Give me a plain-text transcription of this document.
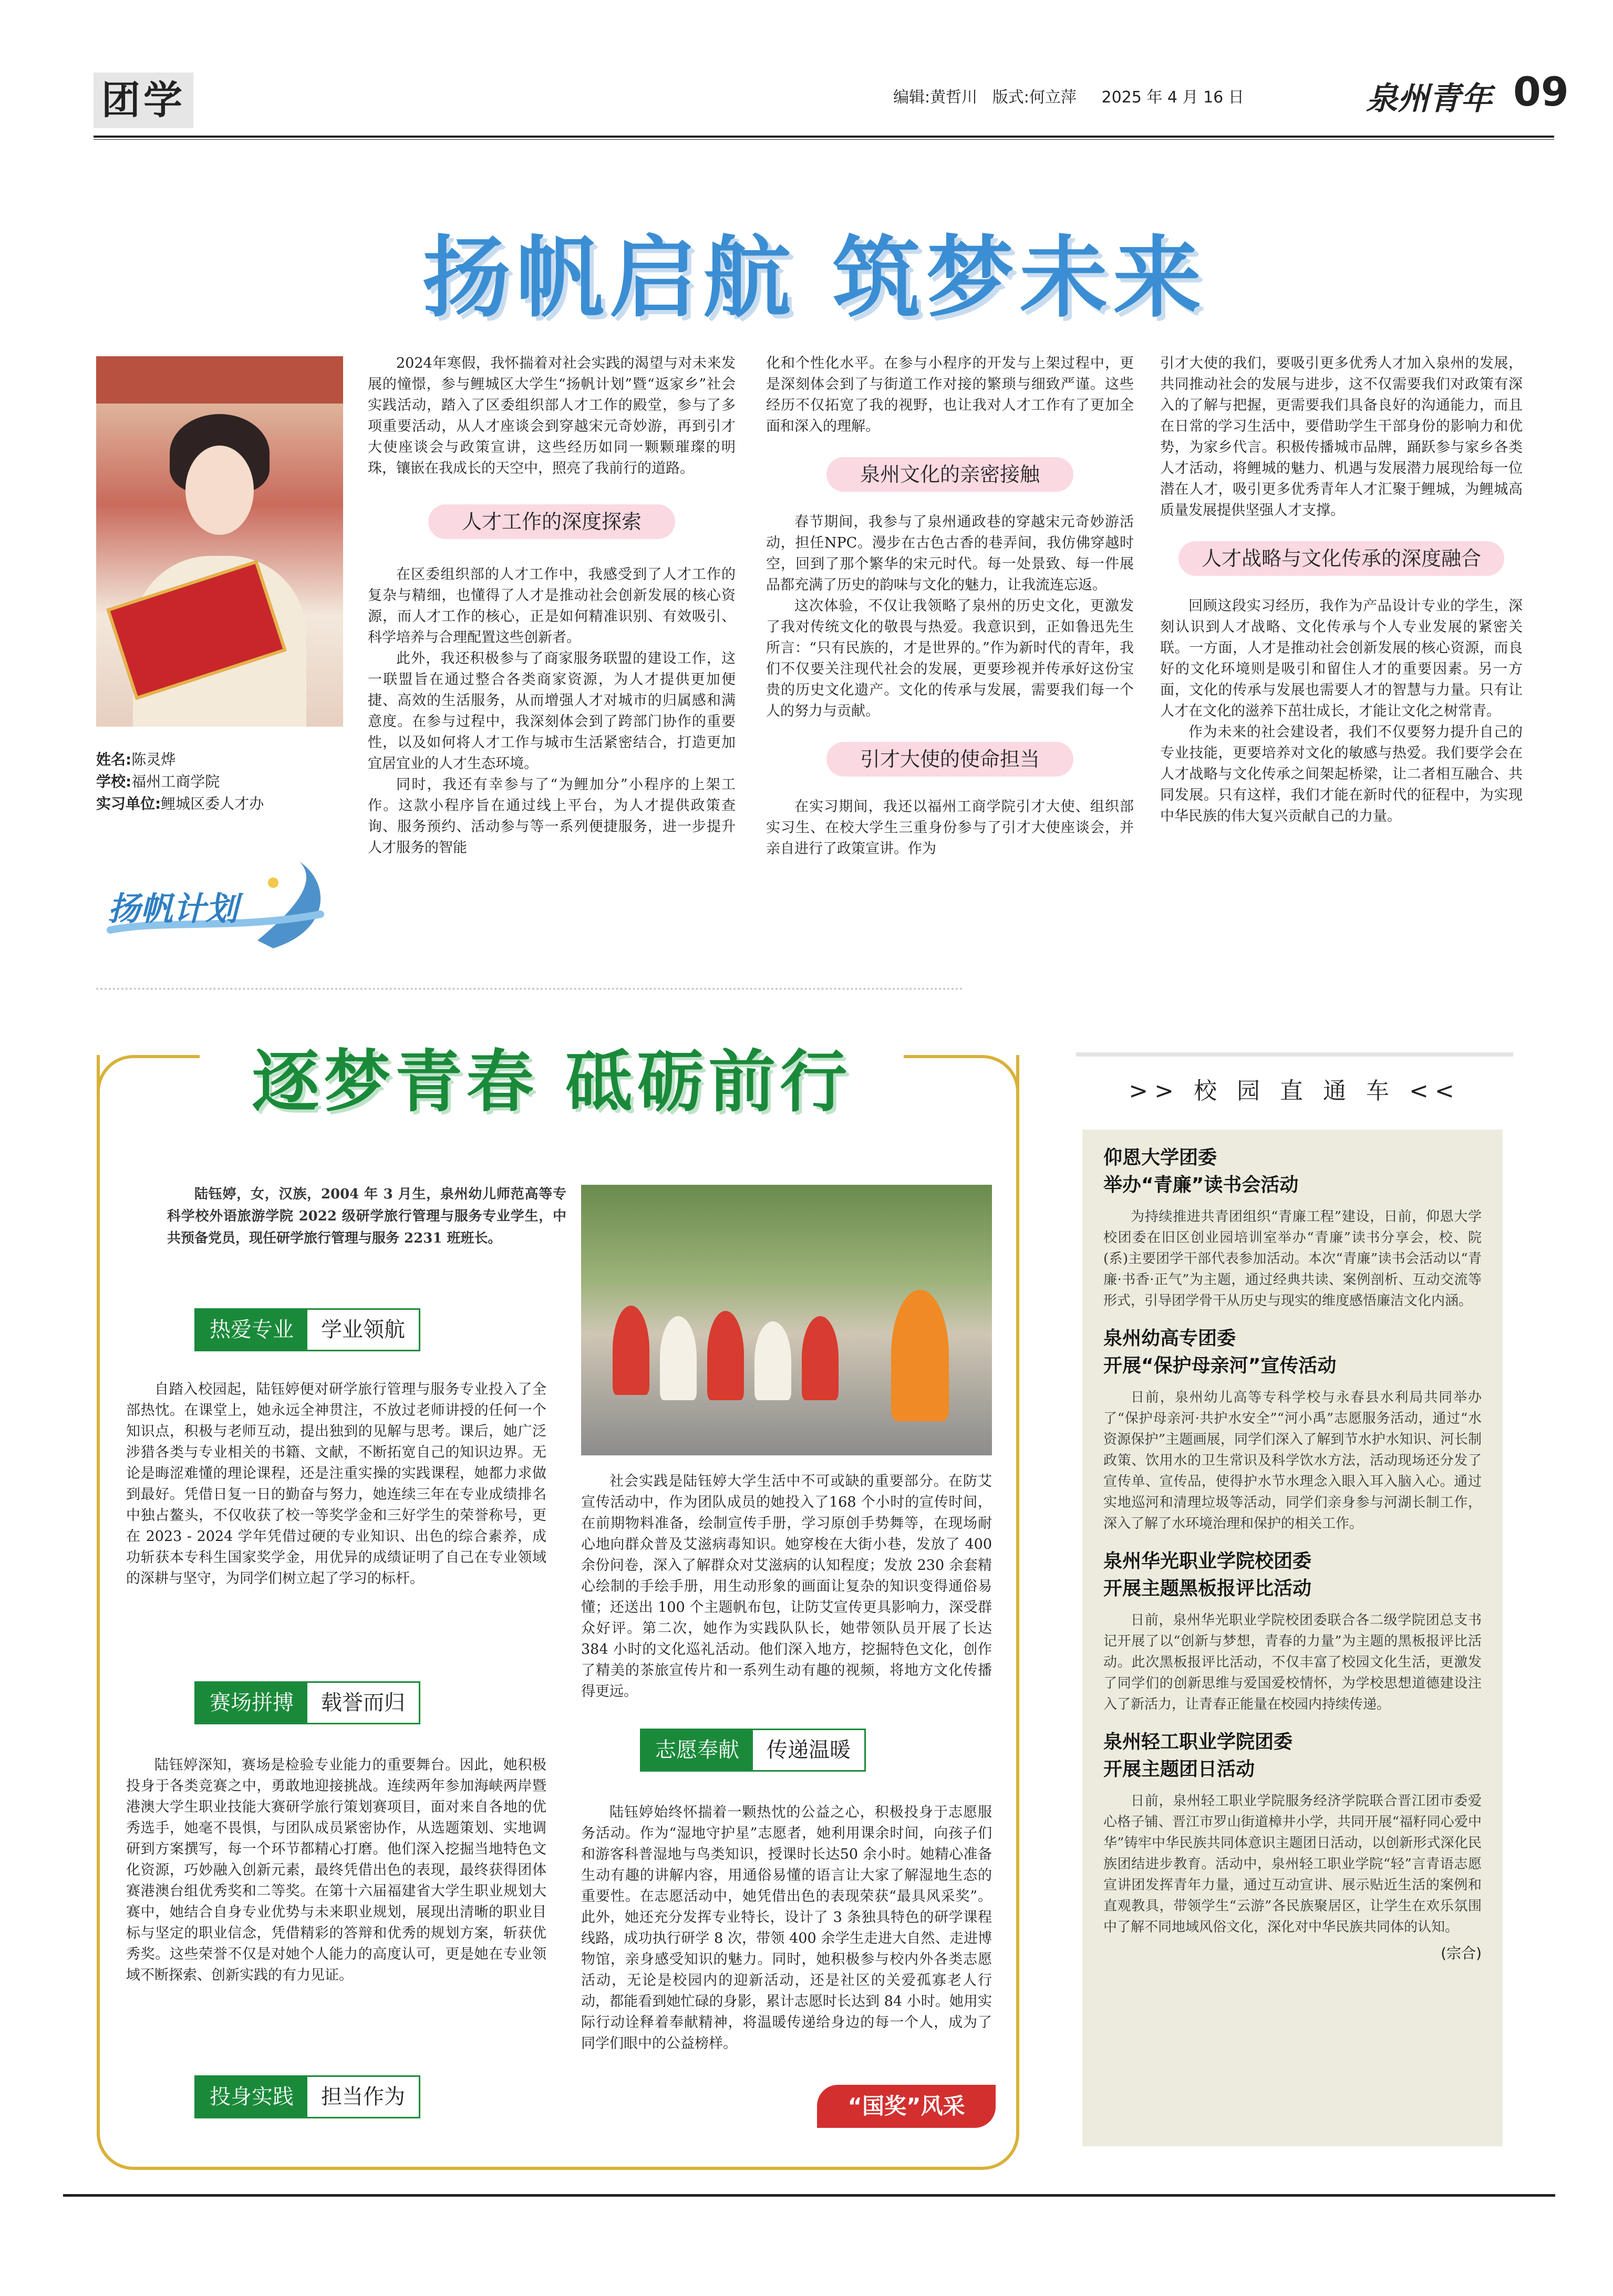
团学	编辑:黄哲川 版式:何立萍 2025 年 4 月 16 日	泉州青年 09
扬帆启航 筑梦未来
姓名:陈灵烨
学校:福州工商学院
实习单位:鲤城区委人才办
扬帆计划

2024年寒假，我怀揣着对社会实践的渴望与对未来发展的憧憬，参与鲤城区大学生“扬帆计划”暨“返家乡”社会实践活动，踏入了区委组织部人才工作的殿堂，参与了多项重要活动，从人才座谈会到穿越宋元奇妙游，再到引才大使座谈会与政策宣讲，这些经历如同一颗颗璀璨的明珠，镶嵌在我成长的天空中，照亮了我前行的道路。

人才工作的深度探索

在区委组织部的人才工作中，我感受到了人才工作的复杂与精细，也懂得了人才是推动社会创新发展的核心资源，而人才工作的核心，正是如何精准识别、有效吸引、科学培养与合理配置这些创新者。

此外，我还积极参与了商家服务联盟的建设工作，这一联盟旨在通过整合各类商家资源，为人才提供更加便捷、高效的生活服务，从而增强人才对城市的归属感和满意度。在参与过程中，我深刻体会到了跨部门协作的重要性，以及如何将人才工作与城市生活紧密结合，打造更加宜居宜业的人才生态环境。

同时，我还有幸参与了“为鲤加分”小程序的上架工作。这款小程序旨在通过线上平台，为人才提供政策查询、服务预约、活动参与等一系列便捷服务，进一步提升人才服务的智能

化和个性化水平。在参与小程序的开发与上架过程中，更是深刻体会到了与街道工作对接的繁琐与细致严谨。这些经历不仅拓宽了我的视野，也让我对人才工作有了更加全面和深入的理解。

泉州文化的亲密接触

春节期间，我参与了泉州通政巷的穿越宋元奇妙游活动，担任NPC。漫步在古色古香的巷弄间，我仿佛穿越时空，回到了那个繁华的宋元时代。每一处景致、每一件展品都充满了历史的韵味与文化的魅力，让我流连忘返。

这次体验，不仅让我领略了泉州的历史文化，更激发了我对传统文化的敬畏与热爱。我意识到，正如鲁迅先生所言：“只有民族的，才是世界的。”作为新时代的青年，我们不仅要关注现代社会的发展，更要珍视并传承好这份宝贵的历史文化遗产。文化的传承与发展，需要我们每一个人的努力与贡献。

引才大使的使命担当

在实习期间，我还以福州工商学院引才大使、组织部实习生、在校大学生三重身份参与了引才大使座谈会，并亲自进行了政策宣讲。作为

引才大使的我们，要吸引更多优秀人才加入泉州的发展，共同推动社会的发展与进步，这不仅需要我们对政策有深入的了解与把握，更需要我们具备良好的沟通能力，而且在日常的学习生活中，要借助学生干部身份的影响力和优势，为家乡代言。积极传播城市品牌，踊跃参与家乡各类人才活动，将鲤城的魅力、机遇与发展潜力展现给每一位潜在人才，吸引更多优秀青年人才汇聚于鲤城，为鲤城高质量发展提供坚强人才支撑。

人才战略与文化传承的深度融合

回顾这段实习经历，我作为产品设计专业的学生，深刻认识到人才战略、文化传承与个人专业发展的紧密关联。一方面，人才是推动社会创新发展的核心资源，而良好的文化环境则是吸引和留住人才的重要因素。另一方面，文化的传承与发展也需要人才的智慧与力量。只有让人才在文化的滋养下茁壮成长，才能让文化之树常青。

作为未来的社会建设者，我们不仅要努力提升自己的专业技能，更要培养对文化的敏感与热爱。我们要学会在人才战略与文化传承之间架起桥梁，让二者相互融合、共同发展。只有这样，我们才能在新时代的征程中，为实现中华民族的伟大复兴贡献自己的力量。

逐梦青春 砥砺前行
陆钰婷，女，汉族，2004 年 3 月生，泉州幼儿师范高等专科学校外语旅游学院 2022 级研学旅行管理与服务专业学生，中共预备党员，现任研学旅行管理与服务 2231 班班长。
热爱专业	学业领航

自踏入校园起，陆钰婷便对研学旅行管理与服务专业投入了全部热忱。在课堂上，她永远全神贯注，不放过老师讲授的任何一个知识点，积极与老师互动，提出独到的见解与思考。课后，她广泛涉猎各类与专业相关的书籍、文献，不断拓宽自己的知识边界。无论是晦涩难懂的理论课程，还是注重实操的实践课程，她都力求做到最好。凭借日复一日的勤奋与努力，她连续三年在专业成绩排名中独占鳌头，不仅收获了校一等奖学金和三好学生的荣誉称号，更在 2023 - 2024 学年凭借过硬的专业知识、出色的综合素养，成功斩获本专科生国家奖学金，用优异的成绩证明了自己在专业领域的深耕与坚守，为同学们树立起了学习的标杆。

赛场拼搏	载誉而归

陆钰婷深知，赛场是检验专业能力的重要舞台。因此，她积极投身于各类竞赛之中，勇敢地迎接挑战。连续两年参加海峡两岸暨港澳大学生职业技能大赛研学旅行策划赛项目，面对来自各地的优秀选手，她毫不畏惧，与团队成员紧密协作，从选题策划、实地调研到方案撰写，每一个环节都精心打磨。他们深入挖掘当地特色文化资源，巧妙融入创新元素，最终凭借出色的表现，最终获得团体赛港澳台组优秀奖和二等奖。在第十六届福建省大学生职业规划大赛中，她结合自身专业优势与未来职业规划，展现出清晰的职业目标与坚定的职业信念，凭借精彩的答辩和优秀的规划方案，斩获优秀奖。这些荣誉不仅是对她个人能力的高度认可，更是她在专业领域不断探索、创新实践的有力见证。

投身实践	担当作为

社会实践是陆钰婷大学生活中不可或缺的重要部分。在防艾宣传活动中，作为团队成员的她投入了168 个小时的宣传时间，在前期物料准备，绘制宣传手册，学习原创手势舞等，在现场耐心地向群众普及艾滋病毒知识。她穿梭在大街小巷，发放了 400 余份问卷，深入了解群众对艾滋病的认知程度；发放 230 余套精心绘制的手绘手册，用生动形象的画面让复杂的知识变得通俗易懂；还送出 100 个主题帆布包，让防艾宣传更具影响力，深受群众好评。第二次，她作为实践队队长，她带领队员开展了长达 384 小时的文化巡礼活动。他们深入地方，挖掘特色文化，创作了精美的茶旅宣传片和一系列生动有趣的视频，将地方文化传播得更远。

志愿奉献	传递温暖

陆钰婷始终怀揣着一颗热忱的公益之心，积极投身于志愿服务活动。作为“湿地守护星”志愿者，她利用课余时间，向孩子们和游客科普湿地与鸟类知识，授课时长达50 余小时。她精心准备生动有趣的讲解内容，用通俗易懂的语言让大家了解湿地生态的重要性。在志愿活动中，她凭借出色的表现荣获“最具风采奖”。此外，她还充分发挥专业特长，设计了 3 条独具特色的研学课程线路，成功执行研学 8 次，带领 400 余学生走进大自然、走进博物馆，亲身感受知识的魅力。同时，她积极参与校内外各类志愿活动，无论是校园内的迎新活动，还是社区的关爱孤寡老人行动，都能看到她忙碌的身影，累计志愿时长达到 84 小时。她用实际行动诠释着奉献精神，将温暖传递给身边的每一个人，成为了同学们眼中的公益榜样。

“国奖”风采
>> 校 园 直 通 车 <<

仰恩大学团委

举办“青廉”读书会活动

为持续推进共青团组织“青廉工程”建设，日前，仰恩大学校团委在旧区创业园培训室举办“青廉”读书分享会，校、院(系)主要团学干部代表参加活动。本次“青廉”读书会活动以“青廉·书香·正气”为主题，通过经典共读、案例剖析、互动交流等形式，引导团学骨干从历史与现实的维度感悟廉洁文化内涵。

泉州幼高专团委

开展“保护母亲河”宣传活动

日前，泉州幼儿高等专科学校与永春县水利局共同举办了“保护母亲河·共护水安全”“河小禹”志愿服务活动，通过“水资源保护”主题画展，同学们深入了解到节水护水知识、河长制政策、饮用水的卫生常识及科学饮水方法，活动现场还分发了宣传单、宣传品，使得护水节水理念入眼入耳入脑入心。通过实地巡河和清理垃圾等活动，同学们亲身参与河湖长制工作，深入了解了水环境治理和保护的相关工作。

泉州华光职业学院校团委

开展主题黑板报评比活动

日前，泉州华光职业学院校团委联合各二级学院团总支书记开展了以“创新与梦想，青春的力量”为主题的黑板报评比活动。此次黑板报评比活动，不仅丰富了校园文化生活，更激发了同学们的创新思维与爱国爱校情怀，为学校思想道德建设注入了新活力，让青春正能量在校园内持续传递。

泉州轻工职业学院团委

开展主题团日活动

日前，泉州轻工职业学院服务经济学院联合晋江团市委爱心格子铺、晋江市罗山街道樟井小学，共同开展“福籽同心爱中华”铸牢中华民族共同体意识主题团日活动，以创新形式深化民族团结进步教育。活动中，泉州轻工职业学院“轻”言青语志愿宣讲团发挥青年力量，通过互动宣讲、展示贴近生活的案例和直观教具，带领学生“云游”各民族聚居区，让学生在欢乐氛围中了解不同地域风俗文化，深化对中华民族共同体的认知。

(宗合)
